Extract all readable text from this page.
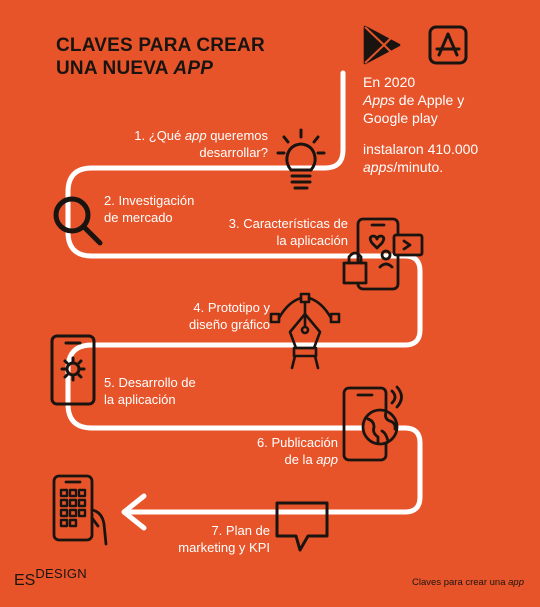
CLAVES PARA CREAR
UNA NUEVA APP
En 2020
Apps de Apple y
Google play
instalaron 410.000
apps/minuto.
1. ¿Qué app queremos
desarrollar?
2. Investigación
de mercado	3. Características de
la aplicación
4. Prototipo y
diseño gráfico
5. Desarrollo de
la aplicación
6. Publicación
de la app
7. Plan de
marketing y KPI
$ES^{DESIGN}$
Claves para crear una app
